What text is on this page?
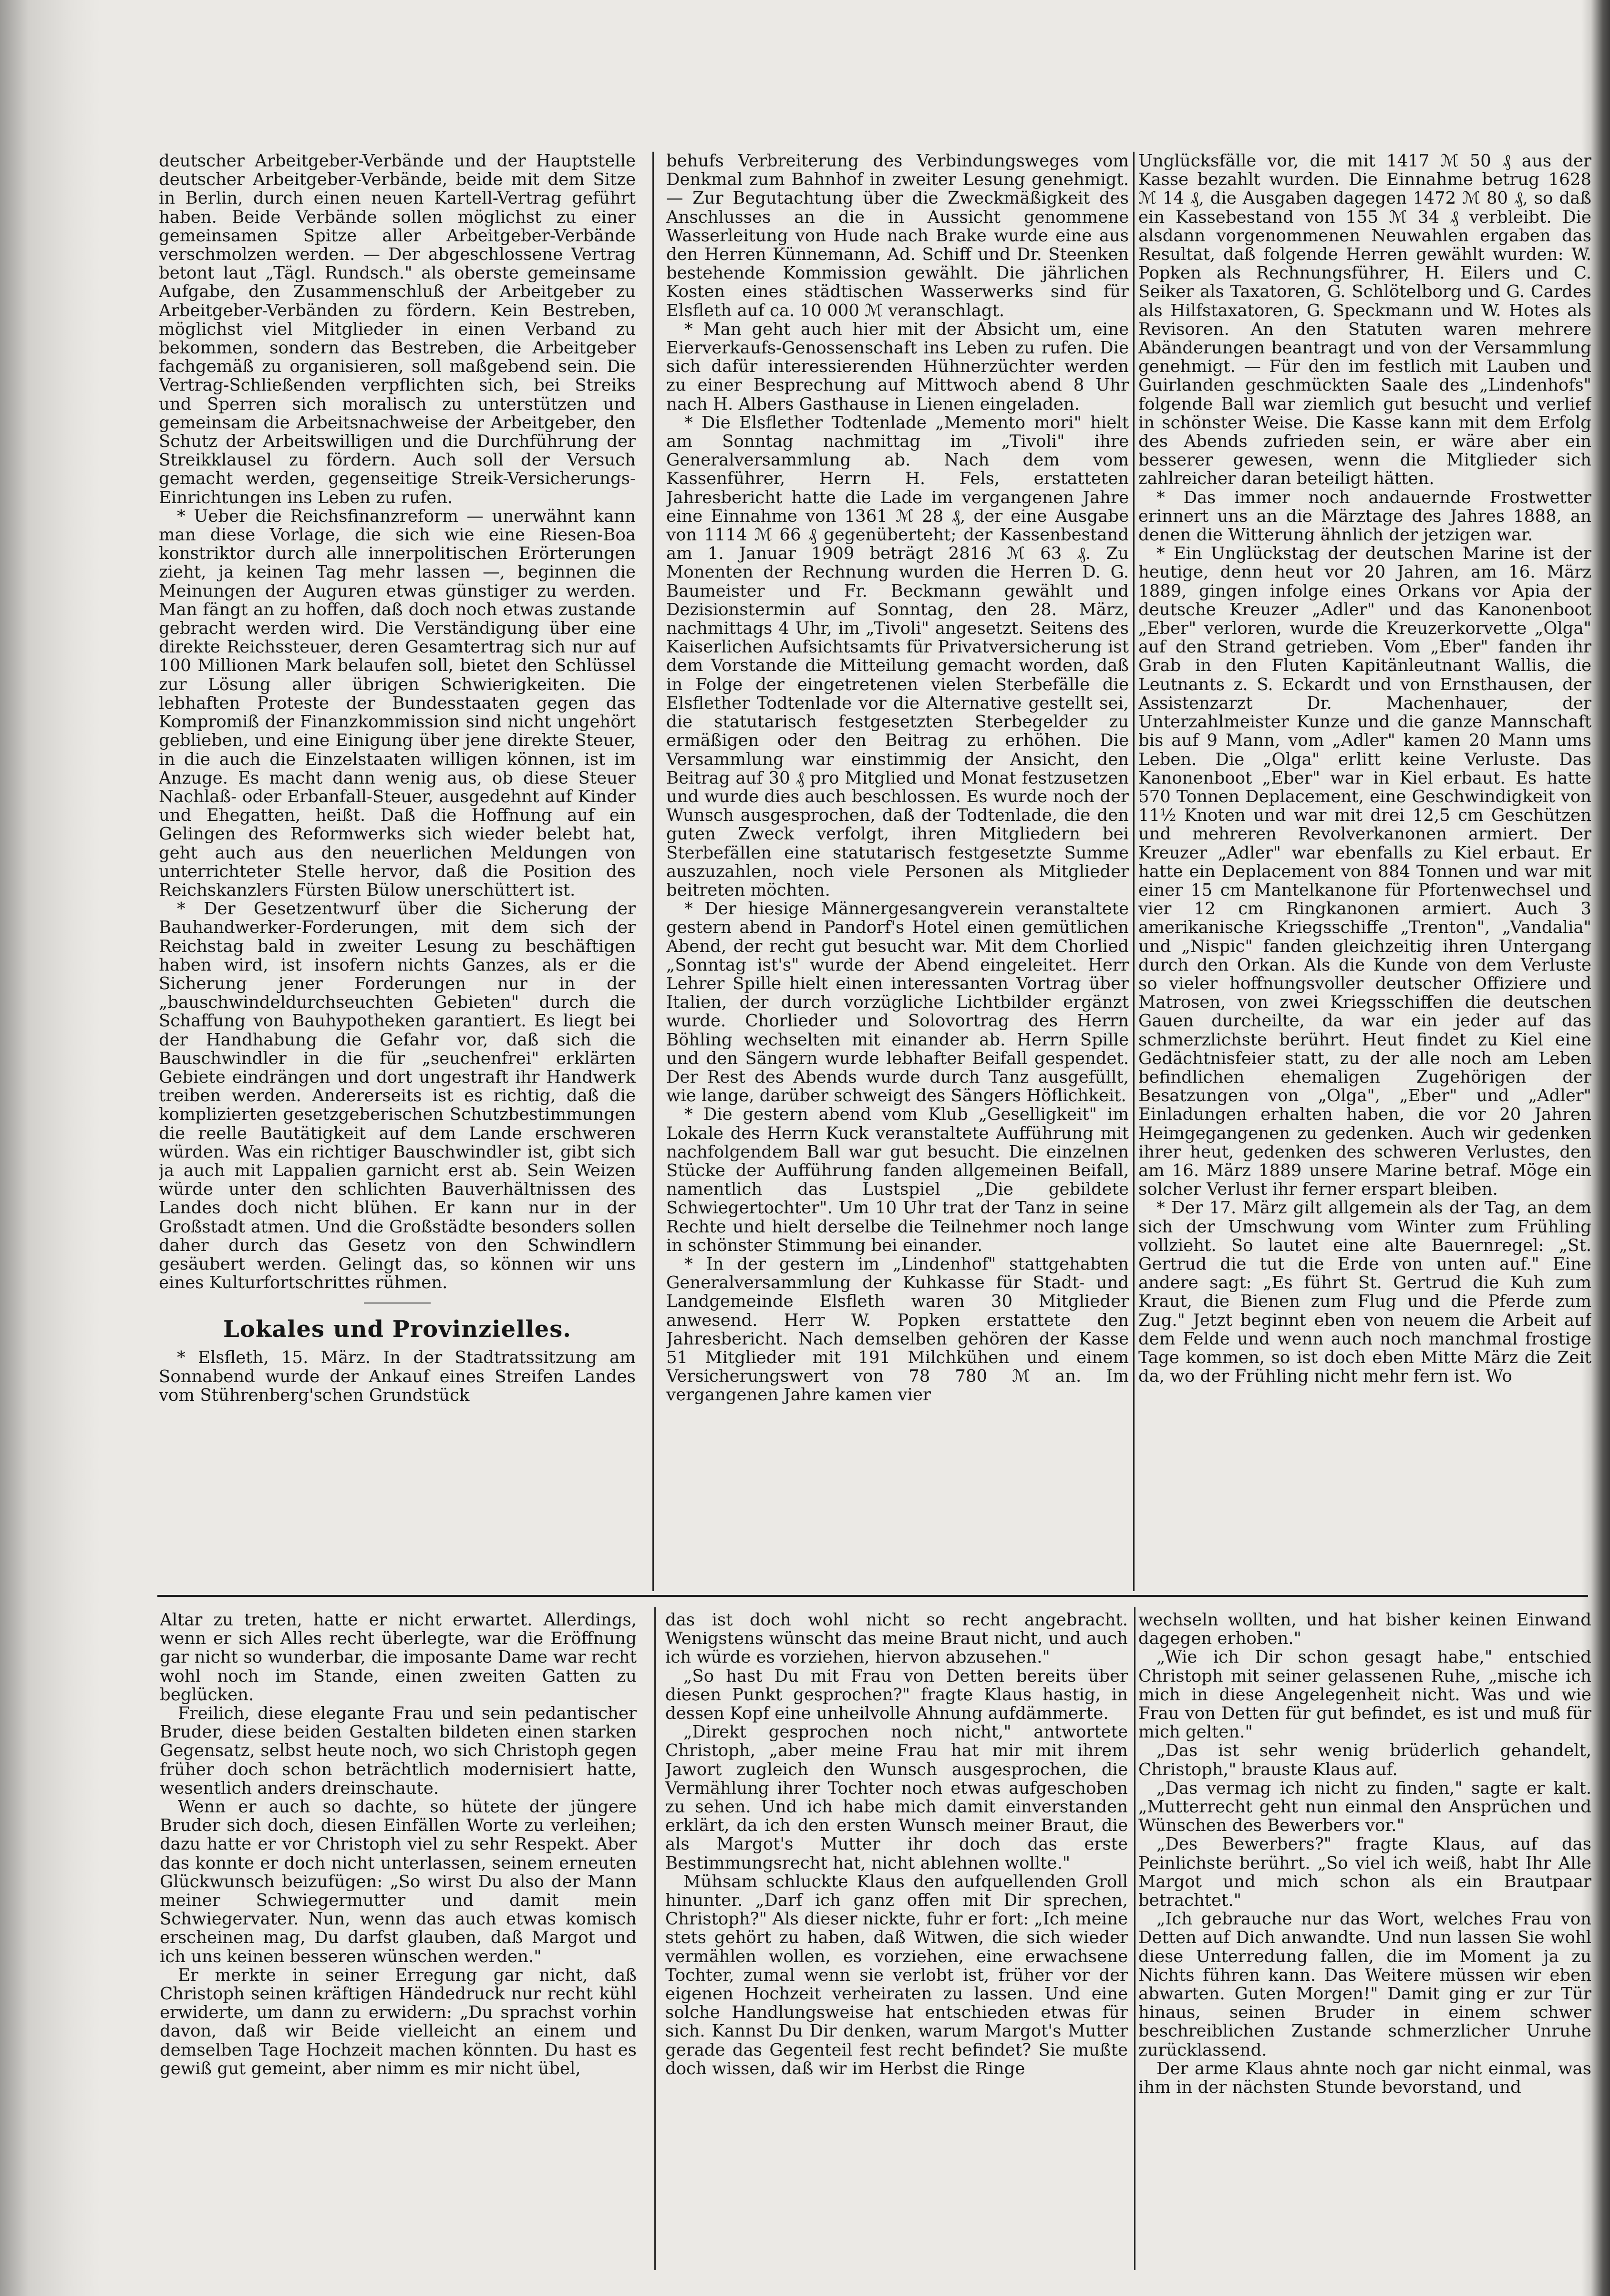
deutscher Arbeitgeber-Verbände und der Hauptstelle deutscher Arbeitgeber-Verbände, beide mit dem Sitze in Berlin, durch einen neuen Kartell-Vertrag geführt haben. Beide Verbände sollen möglichst zu einer gemeinsamen Spitze aller Arbeitgeber-Verbände verschmolzen werden. — Der abgeschlossene Vertrag betont laut „Tägl. Rundsch." als oberste gemeinsame Aufgabe, den Zusammenschluß der Arbeitgeber zu Arbeitgeber-Verbänden zu fördern. Kein Bestreben, möglichst viel Mitglieder in einen Verband zu bekommen, sondern das Bestreben, die Arbeitgeber fachgemäß zu organisieren, soll maßgebend sein. Die Vertrag-Schließenden verpflichten sich, bei Streiks und Sperren sich moralisch zu unterstützen und gemeinsam die Arbeitsnachweise der Arbeitgeber, den Schutz der Arbeitswilligen und die Durchführung der Streikklausel zu fördern. Auch soll der Versuch gemacht werden, gegenseitige Streik-Versicherungs-Einrichtungen ins Leben zu rufen.

* Ueber die Reichsfinanzreform — unerwähnt kann man diese Vorlage, die sich wie eine Riesen-Boa konstriktor durch alle innerpolitischen Erörterungen zieht, ja keinen Tag mehr lassen —, beginnen die Meinungen der Auguren etwas günstiger zu werden. Man fängt an zu hoffen, daß doch noch etwas zustande gebracht werden wird. Die Verständigung über eine direkte Reichssteuer, deren Gesamtertrag sich nur auf 100 Millionen Mark belaufen soll, bietet den Schlüssel zur Lösung aller übrigen Schwierigkeiten. Die lebhaften Proteste der Bundesstaaten gegen das Kompromiß der Finanzkommission sind nicht ungehört geblieben, und eine Einigung über jene direkte Steuer, in die auch die Einzelstaaten willigen können, ist im Anzuge. Es macht dann wenig aus, ob diese Steuer Nachlaß- oder Erbanfall-Steuer, ausgedehnt auf Kinder und Ehegatten, heißt. Daß die Hoffnung auf ein Gelingen des Reformwerks sich wieder belebt hat, geht auch aus den neuerlichen Meldungen von unterrichteter Stelle hervor, daß die Position des Reichskanzlers Fürsten Bülow unerschüttert ist.

* Der Gesetzentwurf über die Sicherung der Bauhandwerker-Forderungen, mit dem sich der Reichstag bald in zweiter Lesung zu beschäftigen haben wird, ist insofern nichts Ganzes, als er die Sicherung jener Forderungen nur in der „bauschwindeldurchseuchten Gebieten" durch die Schaffung von Bauhypotheken garantiert. Es liegt bei der Handhabung die Gefahr vor, daß sich die Bauschwindler in die für „seuchenfrei" erklärten Gebiete eindrängen und dort ungestraft ihr Handwerk treiben werden. Andererseits ist es richtig, daß die komplizierten gesetzgeberischen Schutzbestimmungen die reelle Bautätigkeit auf dem Lande erschweren würden. Was ein richtiger Bauschwindler ist, gibt sich ja auch mit Lappalien garnicht erst ab. Sein Weizen würde unter den schlichten Bauverhältnissen des Landes doch nicht blühen. Er kann nur in der Großstadt atmen. Und die Großstädte besonders sollen daher durch das Gesetz von den Schwindlern gesäubert werden. Gelingt das, so können wir uns eines Kulturfortschrittes rühmen.

Lokales und Provinzielles.

* Elsfleth, 15. März. In der Stadtratssitzung am Sonnabend wurde der Ankauf eines Streifen Landes vom Stührenberg'schen Grundstück

behufs Verbreiterung des Verbindungsweges vom Denkmal zum Bahnhof in zweiter Lesung genehmigt. — Zur Begutachtung über die Zweckmäßigkeit des Anschlusses an die in Aussicht genommene Wasserleitung von Hude nach Brake wurde eine aus den Herren Künnemann, Ad. Schiff und Dr. Steenken bestehende Kommission gewählt. Die jährlichen Kosten eines städtischen Wasserwerks sind für Elsfleth auf ca. 10 000 ℳ veranschlagt.

* Man geht auch hier mit der Absicht um, eine Eierverkaufs-Genossenschaft ins Leben zu rufen. Die sich dafür interessierenden Hühnerzüchter werden zu einer Besprechung auf Mittwoch abend 8 Uhr nach H. Albers Gasthause in Lienen eingeladen.

* Die Elsflether Todtenlade „Memento mori" hielt am Sonntag nachmittag im „Tivoli" ihre Generalversammlung ab. Nach dem vom Kassenführer, Herrn H. Fels, erstatteten Jahresbericht hatte die Lade im vergangenen Jahre eine Einnahme von 1361 ℳ 28 ₰, der eine Ausgabe von 1114 ℳ 66 ₰ gegenüberteht; der Kassenbestand am 1. Januar 1909 beträgt 2816 ℳ 63 ₰. Zu Monenten der Rechnung wurden die Herren D. G. Baumeister und Fr. Beckmann gewählt und Dezisionstermin auf Sonntag, den 28. März, nachmittags 4 Uhr, im „Tivoli" angesetzt. Seitens des Kaiserlichen Aufsichtsamts für Privatversicherung ist dem Vorstande die Mitteilung gemacht worden, daß in Folge der eingetretenen vielen Sterbefälle die Elsflether Todtenlade vor die Alternative gestellt sei, die statutarisch festgesetzten Sterbegelder zu ermäßigen oder den Beitrag zu erhöhen. Die Versammlung war einstimmig der Ansicht, den Beitrag auf 30 ₰ pro Mitglied und Monat festzusetzen und wurde dies auch beschlossen. Es wurde noch der Wunsch ausgesprochen, daß der Todtenlade, die den guten Zweck verfolgt, ihren Mitgliedern bei Sterbefällen eine statutarisch festgesetzte Summe auszuzahlen, noch viele Personen als Mitglieder beitreten möchten.

* Der hiesige Männergesangverein veranstaltete gestern abend in Pandorf's Hotel einen gemütlichen Abend, der recht gut besucht war. Mit dem Chorlied „Sonntag ist's" wurde der Abend eingeleitet. Herr Lehrer Spille hielt einen interessanten Vortrag über Italien, der durch vorzügliche Lichtbilder ergänzt wurde. Chorlieder und Solovortrag des Herrn Böhling wechselten mit einander ab. Herrn Spille und den Sängern wurde lebhafter Beifall gespendet. Der Rest des Abends wurde durch Tanz ausgefüllt, wie lange, darüber schweigt des Sängers Höflichkeit.

* Die gestern abend vom Klub „Geselligkeit" im Lokale des Herrn Kuck veranstaltete Aufführung mit nachfolgendem Ball war gut besucht. Die einzelnen Stücke der Aufführung fanden allgemeinen Beifall, namentlich das Lustspiel „Die gebildete Schwiegertochter". Um 10 Uhr trat der Tanz in seine Rechte und hielt derselbe die Teilnehmer noch lange in schönster Stimmung bei einander.

* In der gestern im „Lindenhof" stattgehabten Generalversammlung der Kuhkasse für Stadt- und Landgemeinde Elsfleth waren 30 Mitglieder anwesend. Herr W. Popken erstattete den Jahresbericht. Nach demselben gehören der Kasse 51 Mitglieder mit 191 Milchkühen und einem Versicherungswert von 78 780 ℳ an. Im vergangenen Jahre kamen vier

Unglücksfälle vor, die mit 1417 ℳ 50 ₰ aus der Kasse bezahlt wurden. Die Einnahme betrug 1628 ℳ 14 ₰, die Ausgaben dagegen 1472 ℳ 80 ₰, so daß ein Kassebestand von 155 ℳ 34 ₰ verbleibt. Die alsdann vorgenommenen Neuwahlen ergaben das Resultat, daß folgende Herren gewählt wurden: W. Popken als Rechnungsführer, H. Eilers und C. Seiker als Taxatoren, G. Schlötelborg und G. Cardes als Hilfstaxatoren, G. Speckmann und W. Hotes als Revisoren. An den Statuten waren mehrere Abänderungen beantragt und von der Versammlung genehmigt. — Für den im festlich mit Lauben und Guirlanden geschmückten Saale des „Lindenhofs" folgende Ball war ziemlich gut besucht und verlief in schönster Weise. Die Kasse kann mit dem Erfolg des Abends zufrieden sein, er wäre aber ein besserer gewesen, wenn die Mitglieder sich zahlreicher daran beteiligt hätten.

* Das immer noch andauernde Frostwetter erinnert uns an die Märztage des Jahres 1888, an denen die Witterung ähnlich der jetzigen war.

* Ein Unglückstag der deutschen Marine ist der heutige, denn heut vor 20 Jahren, am 16. März 1889, gingen infolge eines Orkans vor Apia der deutsche Kreuzer „Adler" und das Kanonenboot „Eber" verloren, wurde die Kreuzerkorvette „Olga" auf den Strand getrieben. Vom „Eber" fanden ihr Grab in den Fluten Kapitänleutnant Wallis, die Leutnants z. S. Eckardt und von Ernsthausen, der Assistenzarzt Dr. Machenhauer, der Unterzahlmeister Kunze und die ganze Mannschaft bis auf 9 Mann, vom „Adler" kamen 20 Mann ums Leben. Die „Olga" erlitt keine Verluste. Das Kanonenboot „Eber" war in Kiel erbaut. Es hatte 570 Tonnen Deplacement, eine Geschwindigkeit von 11½ Knoten und war mit drei 12,5 cm Geschützen und mehreren Revolverkanonen armiert. Der Kreuzer „Adler" war ebenfalls zu Kiel erbaut. Er hatte ein Deplacement von 884 Tonnen und war mit einer 15 cm Mantelkanone für Pfortenwechsel und vier 12 cm Ringkanonen armiert. Auch 3 amerikanische Kriegsschiffe „Trenton", „Vandalia" und „Nispic" fanden gleichzeitig ihren Untergang durch den Orkan. Als die Kunde von dem Verluste so vieler hoffnungsvoller deutscher Offiziere und Matrosen, von zwei Kriegsschiffen die deutschen Gauen durcheilte, da war ein jeder auf das schmerzlichste berührt. Heut findet zu Kiel eine Gedächtnisfeier statt, zu der alle noch am Leben befindlichen ehemaligen Zugehörigen der Besatzungen von „Olga", „Eber" und „Adler" Einladungen erhalten haben, die vor 20 Jahren Heimgegangenen zu gedenken. Auch wir gedenken ihrer heut, gedenken des schweren Verlustes, den am 16. März 1889 unsere Marine betraf. Möge ein solcher Verlust ihr ferner erspart bleiben.

* Der 17. März gilt allgemein als der Tag, an dem sich der Umschwung vom Winter zum Frühling vollzieht. So lautet eine alte Bauernregel: „St. Gertrud die tut die Erde von unten auf." Eine andere sagt: „Es führt St. Gertrud die Kuh zum Kraut, die Bienen zum Flug und die Pferde zum Zug." Jetzt beginnt eben von neuem die Arbeit auf dem Felde und wenn auch noch manchmal frostige Tage kommen, so ist doch eben Mitte März die Zeit da, wo der Frühling nicht mehr fern ist. Wo

Altar zu treten, hatte er nicht erwartet. Allerdings, wenn er sich Alles recht überlegte, war die Eröffnung gar nicht so wunderbar, die imposante Dame war recht wohl noch im Stande, einen zweiten Gatten zu beglücken.

Freilich, diese elegante Frau und sein pedantischer Bruder, diese beiden Gestalten bildeten einen starken Gegensatz, selbst heute noch, wo sich Christoph gegen früher doch schon beträchtlich modernisiert hatte, wesentlich anders dreinschaute.

Wenn er auch so dachte, so hütete der jüngere Bruder sich doch, diesen Einfällen Worte zu verleihen; dazu hatte er vor Christoph viel zu sehr Respekt. Aber das konnte er doch nicht unterlassen, seinem erneuten Glückwunsch beizufügen: „So wirst Du also der Mann meiner Schwiegermutter und damit mein Schwiegervater. Nun, wenn das auch etwas komisch erscheinen mag, Du darfst glauben, daß Margot und ich uns keinen besseren wünschen werden."

Er merkte in seiner Erregung gar nicht, daß Christoph seinen kräftigen Händedruck nur recht kühl erwiderte, um dann zu erwidern: „Du sprachst vorhin davon, daß wir Beide vielleicht an einem und demselben Tage Hochzeit machen könnten. Du hast es gewiß gut gemeint, aber nimm es mir nicht übel,

das ist doch wohl nicht so recht angebracht. Wenigstens wünscht das meine Braut nicht, und auch ich würde es vorziehen, hiervon abzusehen."

„So hast Du mit Frau von Detten bereits über diesen Punkt gesprochen?" fragte Klaus hastig, in dessen Kopf eine unheilvolle Ahnung aufdämmerte.

„Direkt gesprochen noch nicht," antwortete Christoph, „aber meine Frau hat mir mit ihrem Jawort zugleich den Wunsch ausgesprochen, die Vermählung ihrer Tochter noch etwas aufgeschoben zu sehen. Und ich habe mich damit einverstanden erklärt, da ich den ersten Wunsch meiner Braut, die als Margot's Mutter ihr doch das erste Bestimmungsrecht hat, nicht ablehnen wollte."

Mühsam schluckte Klaus den aufquellenden Groll hinunter. „Darf ich ganz offen mit Dir sprechen, Christoph?" Als dieser nickte, fuhr er fort: „Ich meine stets gehört zu haben, daß Witwen, die sich wieder vermählen wollen, es vorziehen, eine erwachsene Tochter, zumal wenn sie verlobt ist, früher vor der eigenen Hochzeit verheiraten zu lassen. Und eine solche Handlungsweise hat entschieden etwas für sich. Kannst Du Dir denken, warum Margot's Mutter gerade das Gegenteil fest recht befindet? Sie mußte doch wissen, daß wir im Herbst die Ringe

wechseln wollten, und hat bisher keinen Einwand dagegen erhoben."

„Wie ich Dir schon gesagt habe," entschied Christoph mit seiner gelassenen Ruhe, „mische ich mich in diese Angelegenheit nicht. Was und wie Frau von Detten für gut befindet, es ist und muß für mich gelten."

„Das ist sehr wenig brüderlich gehandelt, Christoph," brauste Klaus auf.

„Das vermag ich nicht zu finden," sagte er kalt. „Mutterrecht geht nun einmal den Ansprüchen und Wünschen des Bewerbers vor."

„Des Bewerbers?" fragte Klaus, auf das Peinlichste berührt. „So viel ich weiß, habt Ihr Alle Margot und mich schon als ein Brautpaar betrachtet."

„Ich gebrauche nur das Wort, welches Frau von Detten auf Dich anwandte. Und nun lassen Sie wohl diese Unterredung fallen, die im Moment ja zu Nichts führen kann. Das Weitere müssen wir eben abwarten. Guten Morgen!" Damit ging er zur Tür hinaus, seinen Bruder in einem schwer beschreiblichen Zustande schmerzlicher Unruhe zurücklassend.

Der arme Klaus ahnte noch gar nicht einmal, was ihm in der nächsten Stunde bevorstand, und
